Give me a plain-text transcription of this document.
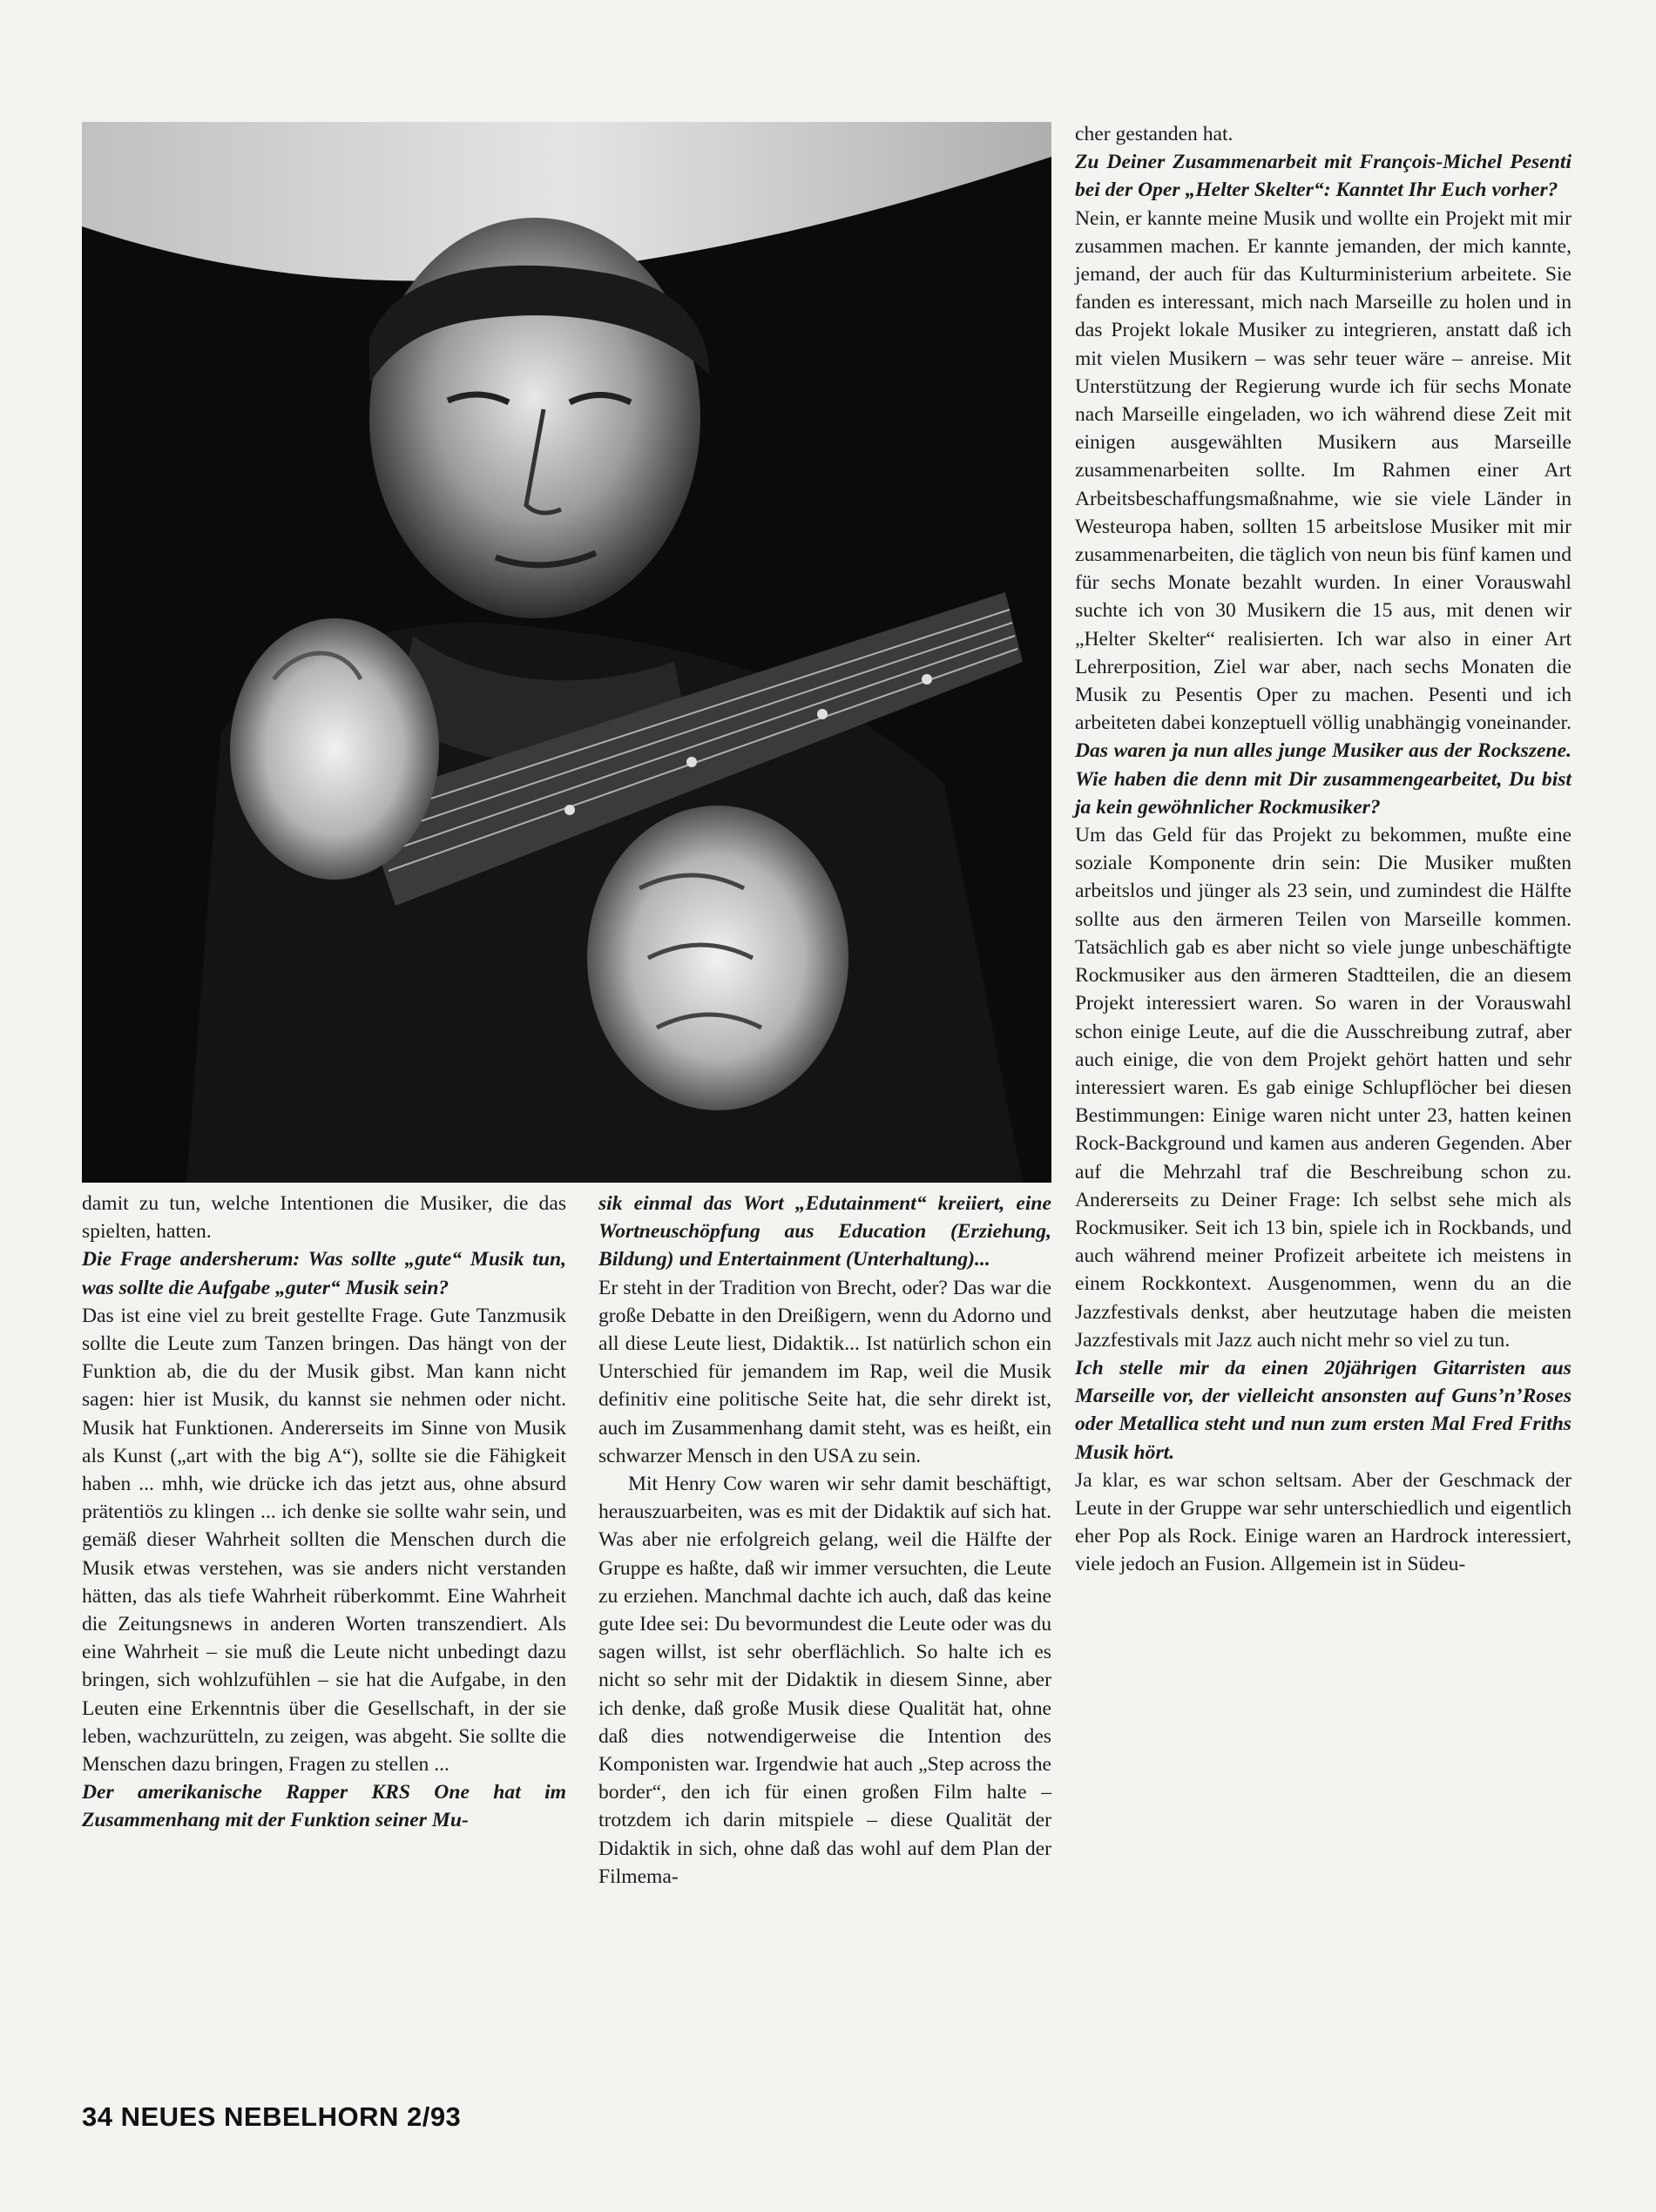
damit zu tun, welche Intentionen die Musiker, die das spielten, hatten.

Die Frage andersherum: Was sollte „gute“ Musik tun, was sollte die Aufgabe „guter“ Musik sein?

Das ist eine viel zu breit gestellte Frage. Gute Tanzmusik sollte die Leute zum Tanzen bringen. Das hängt von der Funktion ab, die du der Musik gibst. Man kann nicht sagen: hier ist Musik, du kannst sie nehmen oder nicht. Musik hat Funktionen. Andererseits im Sinne von Musik als Kunst („art with the big A“), sollte sie die Fähigkeit haben ... mhh, wie drücke ich das jetzt aus, ohne absurd prätentiös zu klingen ... ich denke sie sollte wahr sein, und gemäß dieser Wahrheit sollten die Menschen durch die Musik etwas verstehen, was sie anders nicht verstanden hätten, das als tiefe Wahrheit rüberkommt. Eine Wahrheit die Zeitungsnews in anderen Worten transzendiert. Als eine Wahrheit – sie muß die Leute nicht unbedingt dazu bringen, sich wohlzufühlen – sie hat die Aufgabe, in den Leuten eine Erkenntnis über die Gesellschaft, in der sie leben, wachzurütteln, zu zeigen, was abgeht. Sie sollte die Menschen dazu bringen, Fragen zu stellen ...

Der amerikanische Rapper KRS One hat im Zusammenhang mit der Funktion seiner Mu-

sik einmal das Wort „Edutainment“ kreiiert, eine Wortneuschöpfung aus Education (Erziehung, Bildung) und Entertainment (Unterhaltung)...

Er steht in der Tradition von Brecht, oder? Das war die große Debatte in den Dreißigern, wenn du Adorno und all diese Leute liest, Didaktik... Ist natürlich schon ein Unterschied für jemandem im Rap, weil die Musik definitiv eine politische Seite hat, die sehr direkt ist, auch im Zusammenhang damit steht, was es heißt, ein schwarzer Mensch in den USA zu sein.

Mit Henry Cow waren wir sehr damit beschäftigt, herauszuarbeiten, was es mit der Didaktik auf sich hat. Was aber nie erfolgreich gelang, weil die Hälfte der Gruppe es haßte, daß wir immer versuchten, die Leute zu erziehen. Manchmal dachte ich auch, daß das keine gute Idee sei: Du bevormundest die Leute oder was du sagen willst, ist sehr oberflächlich. So halte ich es nicht so sehr mit der Didaktik in diesem Sinne, aber ich denke, daß große Musik diese Qualität hat, ohne daß dies notwendigerweise die Intention des Komponisten war. Irgendwie hat auch „Step across the border“, den ich für einen großen Film halte – trotzdem ich darin mitspiele – diese Qualität der Didaktik in sich, ohne daß das wohl auf dem Plan der Filmema-

cher gestanden hat.

Zu Deiner Zusammenarbeit mit François-Michel Pesenti bei der Oper „Helter Skelter“: Kanntet Ihr Euch vorher?

Nein, er kannte meine Musik und wollte ein Projekt mit mir zusammen machen. Er kannte jemanden, der mich kannte, jemand, der auch für das Kulturministerium arbeitete. Sie fanden es interessant, mich nach Marseille zu holen und in das Projekt lokale Musiker zu integrieren, anstatt daß ich mit vielen Musikern – was sehr teuer wäre – anreise. Mit Unterstützung der Regierung wurde ich für sechs Monate nach Marseille eingeladen, wo ich während diese Zeit mit einigen ausgewählten Musikern aus Marseille zusammenarbeiten sollte. Im Rahmen einer Art Arbeitsbeschaffungsmaßnahme, wie sie viele Länder in Westeuropa haben, sollten 15 arbeitslose Musiker mit mir zusammenarbeiten, die täglich von neun bis fünf kamen und für sechs Monate bezahlt wurden. In einer Vorauswahl suchte ich von 30 Musikern die 15 aus, mit denen wir „Helter Skelter“ realisierten. Ich war also in einer Art Lehrerposition, Ziel war aber, nach sechs Monaten die Musik zu Pesentis Oper zu machen. Pesenti und ich arbeiteten dabei konzeptuell völlig unabhängig voneinander.

Das waren ja nun alles junge Musiker aus der Rockszene. Wie haben die denn mit Dir zusammengearbeitet, Du bist ja kein gewöhnlicher Rockmusiker?

Um das Geld für das Projekt zu bekommen, mußte eine soziale Komponente drin sein: Die Musiker mußten arbeitslos und jünger als 23 sein, und zumindest die Hälfte sollte aus den ärmeren Teilen von Marseille kommen. Tatsächlich gab es aber nicht so viele junge unbeschäftigte Rockmusiker aus den ärmeren Stadtteilen, die an diesem Projekt interessiert waren. So waren in der Vorauswahl schon einige Leute, auf die die Ausschreibung zutraf, aber auch einige, die von dem Projekt gehört hatten und sehr interessiert waren. Es gab einige Schlupflöcher bei diesen Bestimmungen: Einige waren nicht unter 23, hatten keinen Rock-Background und kamen aus anderen Gegenden. Aber auf die Mehrzahl traf die Beschreibung schon zu. Andererseits zu Deiner Frage: Ich selbst sehe mich als Rockmusiker. Seit ich 13 bin, spiele ich in Rockbands, und auch während meiner Profizeit arbeitete ich meistens in einem Rockkontext. Ausgenommen, wenn du an die Jazzfestivals denkst, aber heutzutage haben die meisten Jazzfestivals mit Jazz auch nicht mehr so viel zu tun.

Ich stelle mir da einen 20jährigen Gitarristen aus Marseille vor, der vielleicht ansonsten auf Guns’n’Roses oder Metallica steht und nun zum ersten Mal Fred Friths Musik hört.

Ja klar, es war schon seltsam. Aber der Geschmack der Leute in der Gruppe war sehr unterschiedlich und eigentlich eher Pop als Rock. Einige waren an Hardrock interessiert, viele jedoch an Fusion. Allgemein ist in Südeu-

34 NEUES NEBELHORN 2/93
